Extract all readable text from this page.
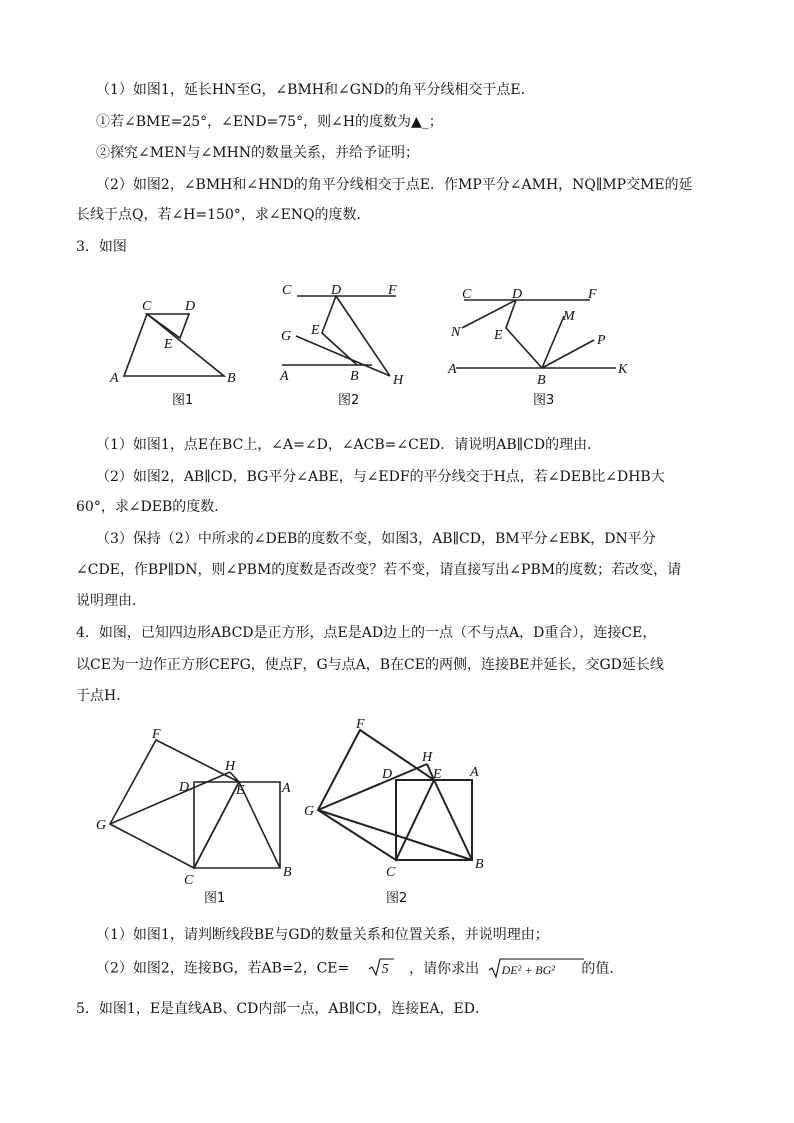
（1）如图1，延长HN至G，∠BMH和∠GND的角平分线相交于点E．
①若∠BME=25°，∠END=75°，则∠H的度数为▲_；
②探究∠MEN与∠MHN的数量关系，并给予证明；
（2）如图2，∠BMH和∠HND的角平分线相交于点E．作MP平分∠AMH，NQ∥MP交ME的延
长线于点Q，若∠H=150°，求∠ENQ的度数．
3．如图
A	B
C D
E
图1
C	D	F
G E
A	B H
图2
C	D	F
N E
M
P
A
B
K
图3
（1）如图1，点E在BC上，∠A=∠D，∠ACB=∠CED．请说明AB∥CD的理由．
（2）如图2，AB∥CD，BG平分∠ABE，与∠EDF的平分线交于H点，若∠DEB比∠DHB大
60°，求∠DEB的度数．
（3）保持（2）中所求的∠DEB的度数不变，如图3，AB∥CD，BM平分∠EBK，DN平分
∠CDE，作BP∥DN，则∠PBM的度数是否改变？若不变，请直接写出∠PBM的度数；若改变，请
说明理由．
4．如图，已知四边形ABCD是正方形，点E是AD边上的一点（不与点A，D重合），连接CE，
以CE为一边作正方形CEFG，使点F，G与点A，B在CE的两侧，连接BE并延长，交GD延长线
于点H．
F
H
D	E	A
G
C
B
图1
F
H
D	E A
G
C
B
图2
（1）如图1，请判断线段BE与GD的数量关系和位置关系，并说明理由；
（2）如图2，连接BG，若AB=2，CE= 5 ，请你求出 DE² + BG² 的值．
5．如图1，E是直线AB、CD内部一点，AB∥CD，连接EA，ED．
